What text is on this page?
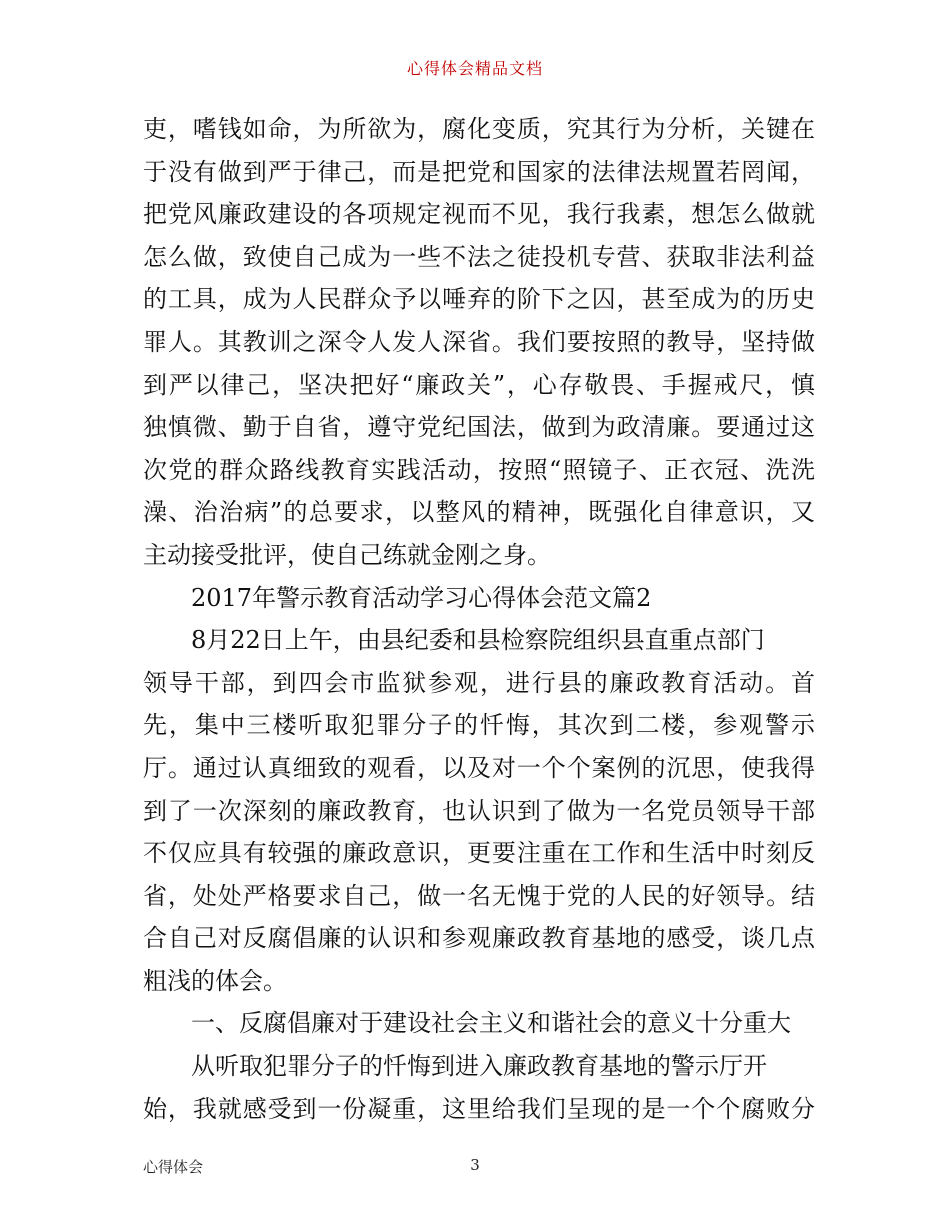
心得体会精品文档
吏，嗜钱如命，为所欲为，腐化变质，究其行为分析，关键在
于没有做到严于律己，而是把党和国家的法律法规置若罔闻，
把党风廉政建设的各项规定视而不见，我行我素，想怎么做就
怎么做，致使自己成为一些不法之徒投机专营、获取非法利益
的工具，成为人民群众予以唾弃的阶下之囚，甚至成为的历史
罪人。其教训之深令人发人深省。我们要按照的教导，坚持做
到严以律己，坚决把好“廉政关”，心存敬畏、手握戒尺，慎
独慎微、勤于自省，遵守党纪国法，做到为政清廉。要通过这
次党的群众路线教育实践活动，按照“照镜子、正衣冠、洗洗
澡、治治病”的总要求，以整风的精神，既强化自律意识，又
主动接受批评，使自己练就金刚之身。
2017年警示教育活动学习心得体会范文篇2
8月22日上午，由县纪委和县检察院组织县直重点部门
领导干部，到四会市监狱参观，进行县的廉政教育活动。首
先，集中三楼听取犯罪分子的忏悔，其次到二楼，参观警示
厅。通过认真细致的观看，以及对一个个案例的沉思，使我得
到了一次深刻的廉政教育，也认识到了做为一名党员领导干部
不仅应具有较强的廉政意识，更要注重在工作和生活中时刻反
省，处处严格要求自己，做一名无愧于党的人民的好领导。结
合自己对反腐倡廉的认识和参观廉政教育基地的感受，谈几点
粗浅的体会。
一、反腐倡廉对于建设社会主义和谐社会的意义十分重大
从听取犯罪分子的忏悔到进入廉政教育基地的警示厅开
始，我就感受到一份凝重，这里给我们呈现的是一个个腐败分
心得体会	3
